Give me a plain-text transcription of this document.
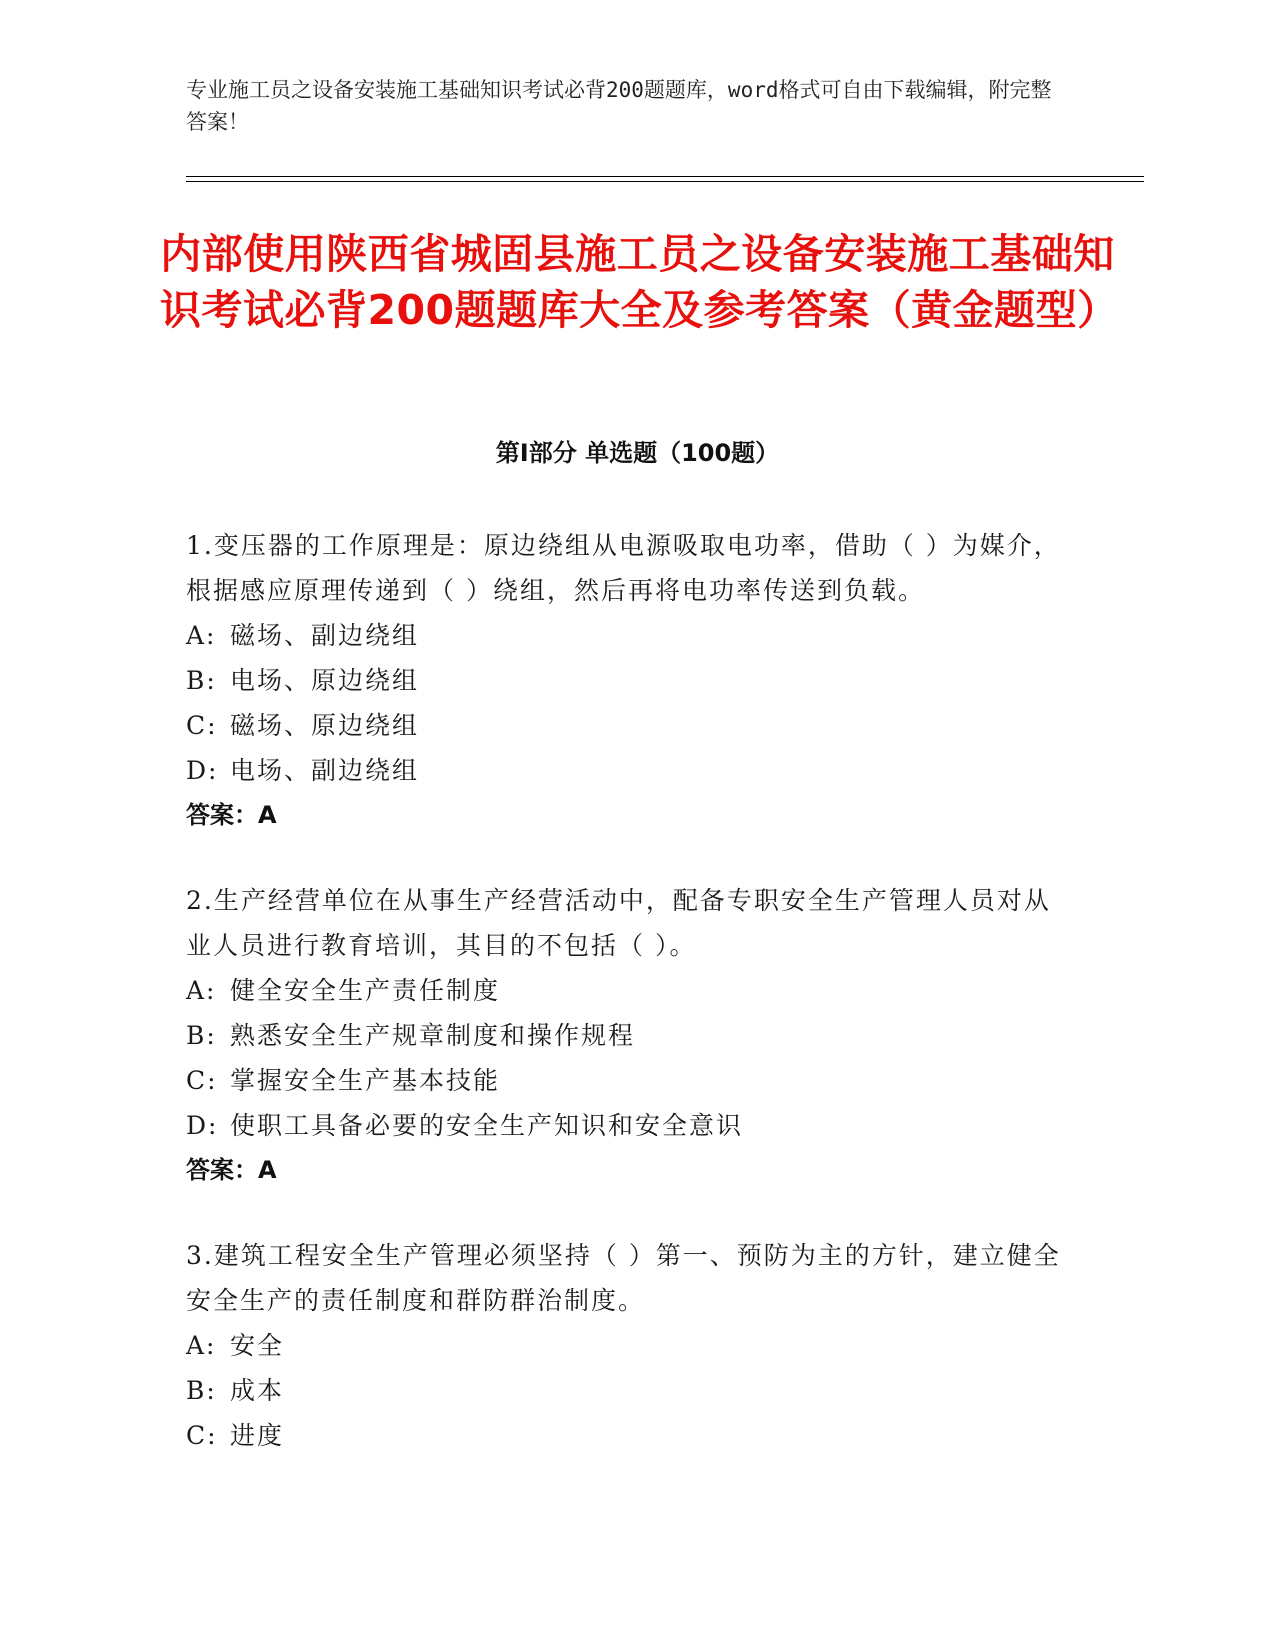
专业施工员之设备安装施工基础知识考试必背200题题库，word格式可自由下载编辑，附完整答案！
内部使用陕西省城固县施工员之设备安装施工基础知识考试必背200题题库大全及参考答案（黄金题型）
第I部分 单选题（100题）

1.变压器的工作原理是：原边绕组从电源吸取电功率，借助（ ）为媒介，根据感应原理传递到（ ）绕组，然后再将电功率传送到负载。

A: 磁场、副边绕组

B: 电场、原边绕组

C: 磁场、原边绕组

D: 电场、副边绕组

答案：A

2.生产经营单位在从事生产经营活动中，配备专职安全生产管理人员对从业人员进行教育培训，其目的不包括（ ）。

A: 健全安全生产责任制度

B: 熟悉安全生产规章制度和操作规程

C: 掌握安全生产基本技能

D: 使职工具备必要的安全生产知识和安全意识

答案：A

3.建筑工程安全生产管理必须坚持（ ）第一、预防为主的方针，建立健全安全生产的责任制度和群防群治制度。

A: 安全

B: 成本

C: 进度
